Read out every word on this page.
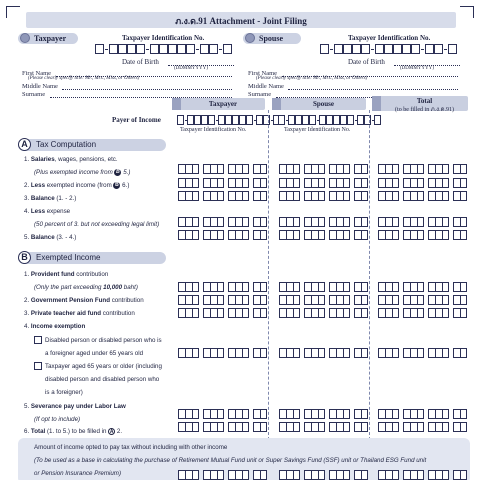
ภ.ง.ด.91 Attachment - Joint Filing
Taxpayer	Taxpayer Identification No.
Date of Birth
(DDMMYYYY)
First Name
(Please clearly specify title: Mr., Mrs., Miss, or Others)
Middle Name
Surname
Spouse	Taxpayer Identification No.
Date of Birth
(DDMMYYYY)
First Name
(Please clearly specify title: Mr., Mrs., Miss, or Others)
Middle Name
Surname
Taxpayer	Spouse	Total
(to be filled in ภ.ง.ด.91)
Payer of Income
Taxpayer Identification No.	Taxpayer Identification No.
A	Tax Computation
1. Salaries, wages, pensions, etc.
(Plus exempted income from B 5.)
2. Less exempted income (from B 6.)
3. Balance (1. - 2.)
4. Less expense
(50 percent of 3. but not exceeding legal limit)
5. Balance (3. - 4.)
B	Exempted Income
1. Provident fund contribution
(Only the part exceeding 10,000 baht)
2. Government Pension Fund contribution
3. Private teacher aid fund contribution
4. Income exemption
Disabled person or disabled person who is
a foreigner aged under 65 years old
Taxpayer aged 65 years or older (including
disabled person and disabled person who
is a foreigner)
5. Severance pay under Labor Law
(If opt to include)
6. Total (1. to 5.) to be filled in A 2.
Amount of income opted to pay tax without including with other income
(To be used as a base in calculating the purchase of Retirement Mutual Fund unit or Super Savings Fund (SSF) unit or Thailand ESG Fund unit
or Pension Insurance Premium)
